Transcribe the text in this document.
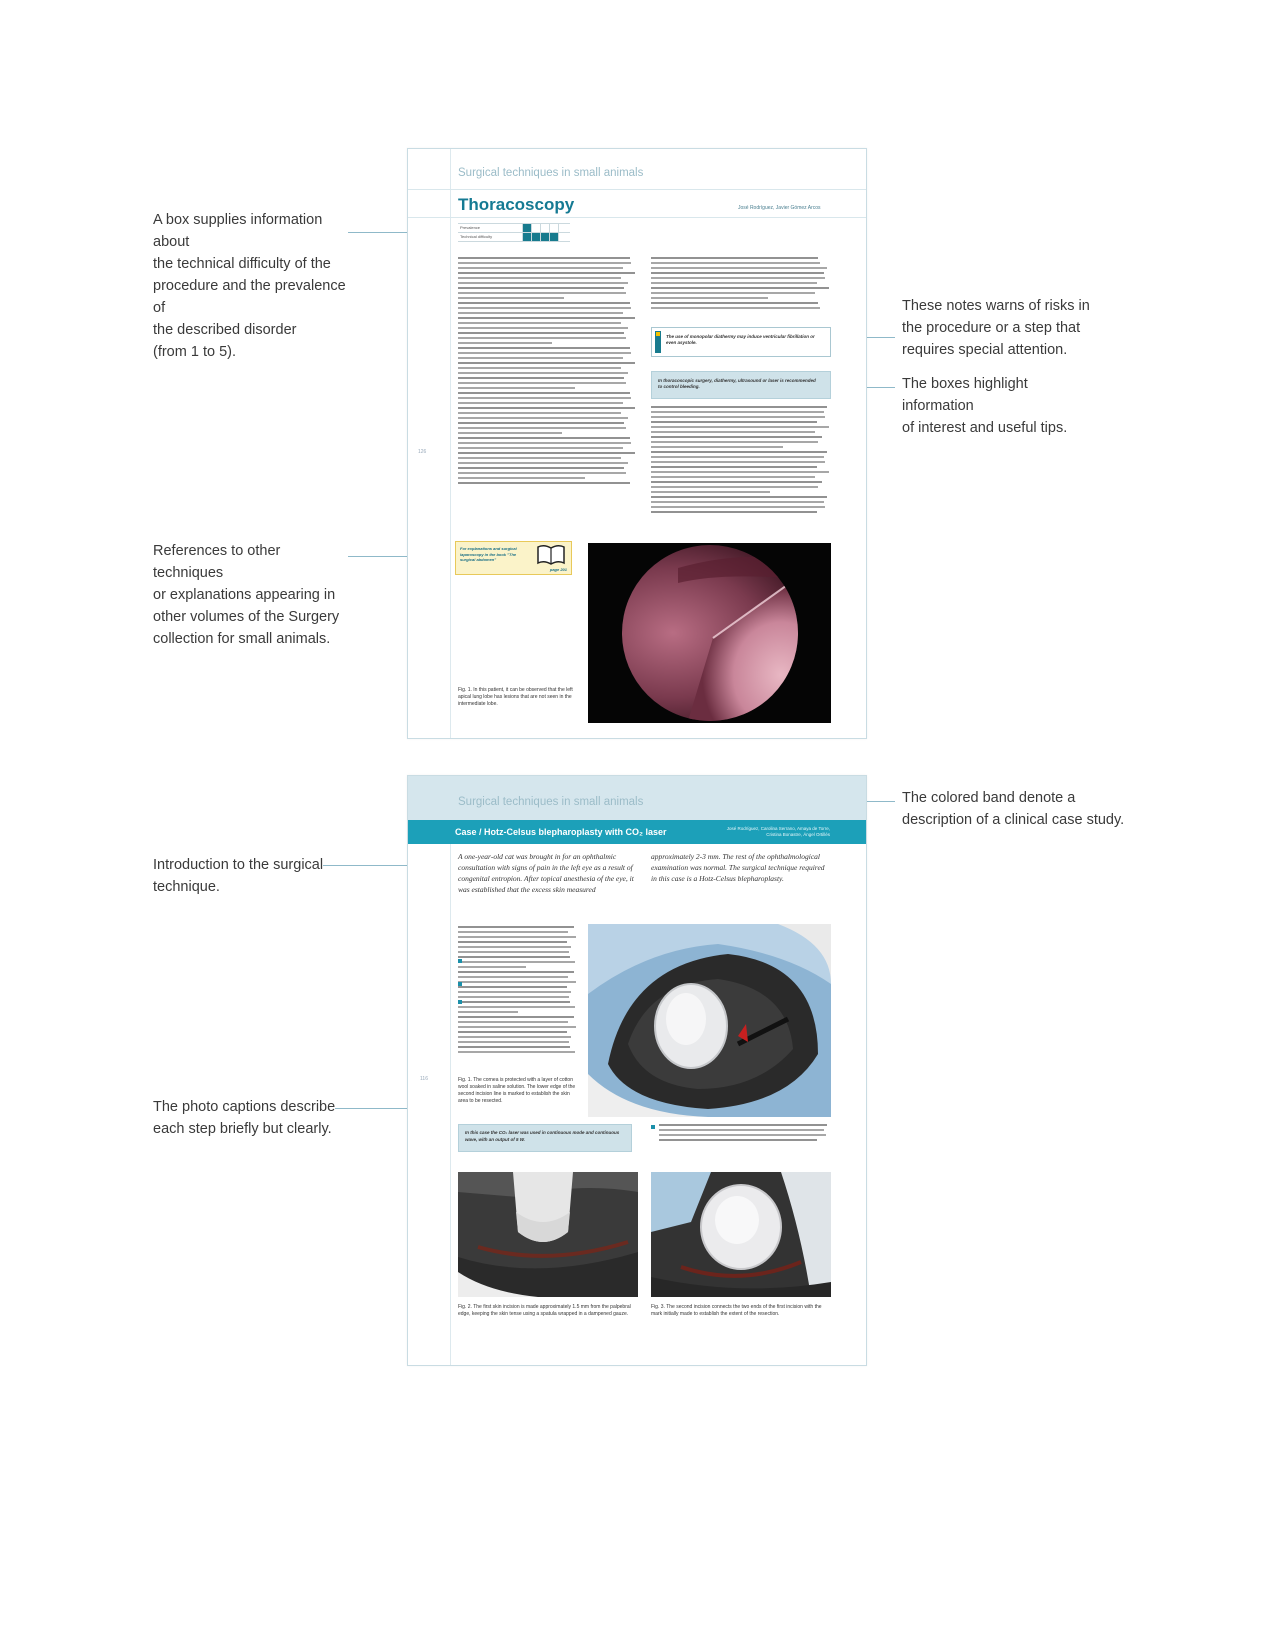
A box supplies information about
the technical difficulty of the
procedure and the prevalence of
the described disorder
(from 1 to 5).
These notes warns of risks in
the procedure or a step that
requires special attention.
The boxes highlight information
of interest and useful tips.
References to other techniques
or explanations appearing in
other volumes of the Surgery
collection for small animals.
The colored band denote a
description of a clinical case study.
Introduction to the surgical
technique.
The photo captions describe
each step briefly but clearly.
Surgical techniques in small animals
Thoracoscopy	José Rodríguez, Javier Gómez Arcos
Prevalence
Technical difficulty
The use of monopolar diathermy may induce ventricular fibrillation or even asystole.
In thoracoscopic surgery, diathermy, ultrasound or laser is recommended to control bleeding.
126
For explanations and surgical laparoscopy in the book "The surgical abdomen"
page 201
Fig. 1. In this patient, it can be observed that the left apical lung lobe has lesions that are not seen in the intermediate lobe.
Surgical techniques in small animals
Case / Hotz-Celsus blepharoplasty with CO₂ laser	José Rodríguez, Carolina Serrano, Amaya de Torre,
Cristina Bonastre, Ángel Ortillés
A one-year-old cat was brought in for an ophthalmic consultation with signs of pain in the left eye as a result of congenital entropion. After topical anesthesia of the eye, it was established that the excess skin measured
approximately 2-3 mm. The rest of the ophthalmological examination was normal. The surgical technique required in this case is a Hotz-Celsus blepharoplasty.
116	Fig. 1. The cornea is protected with a layer of cotton wool soaked in saline solution. The lower edge of the second incision line is marked to establish the skin area to be resected.
In this case the CO₂ laser was used in continuous mode and continuous wave, with an output of 5 W.
Fig. 2. The first skin incision is made approximately 1.5 mm from the palpebral edge, keeping the skin tense using a spatula wrapped in a dampened gauze.
Fig. 3. The second incision connects the two ends of the first incision with the mark initially made to establish the extent of the resection.
